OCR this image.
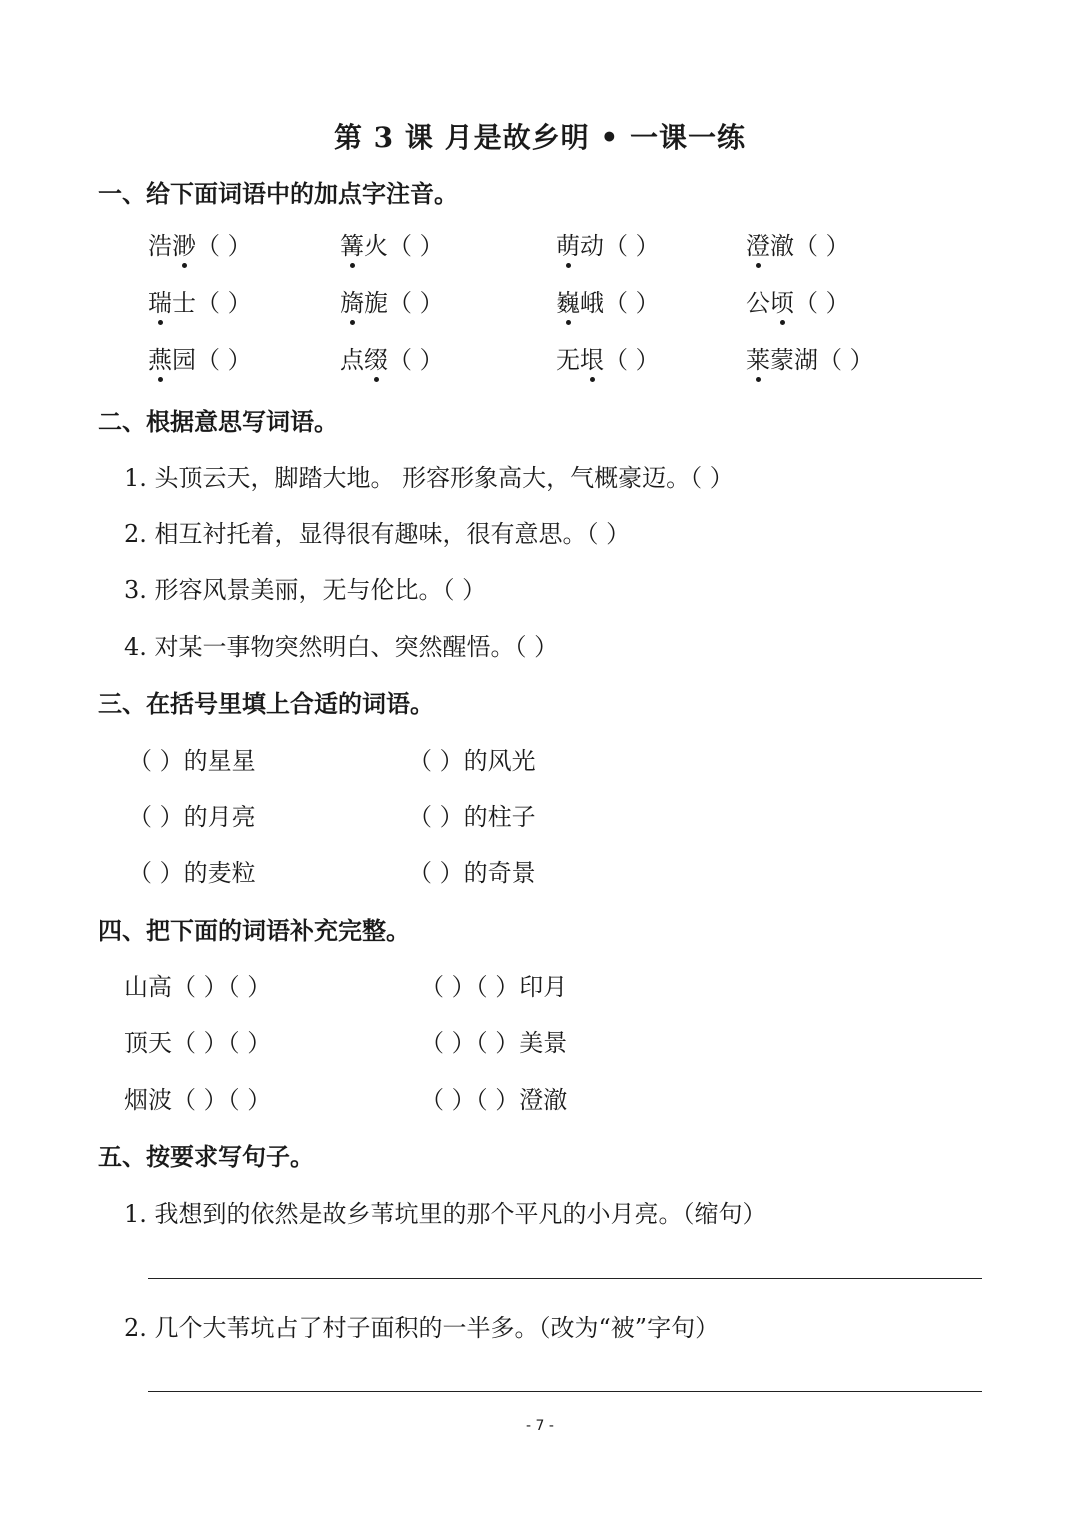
第 3 课 月是故乡明 • 一课一练
一、给下面词语中的加点字注音。
浩渺（ ）	篝火（ ）	萌动（ ）	澄澈（ ）
瑞士（ ）	旖旎（ ）	巍峨（ ）	公顷（ ）
燕园（ ）	点缀（ ）	无垠（ ）	莱蒙湖（ ）
二、根据意思写词语。
1. 头顶云天，脚踏大地。 形容形象高大，气概豪迈。（ ）
2. 相互衬托着，显得很有趣味，很有意思。（ ）
3. 形容风景美丽，无与伦比。（ ）
4. 对某一事物突然明白、突然醒悟。（ ）
三、在括号里填上合适的词语。
（ ）的星星	（ ）的风光
（ ）的月亮	（ ）的柱子
（ ）的麦粒	（ ）的奇景
四、把下面的词语补充完整。
山高（ ）（ ）	（ ）（ ）印月
顶天（ ）（ ）	（ ）（ ）美景
烟波（ ）（ ）	（ ）（ ）澄澈
五、按要求写句子。
1. 我想到的依然是故乡苇坑里的那个平凡的小月亮。（缩句）
2. 几个大苇坑占了村子面积的一半多。（改为“被”字句）
- 7 -
